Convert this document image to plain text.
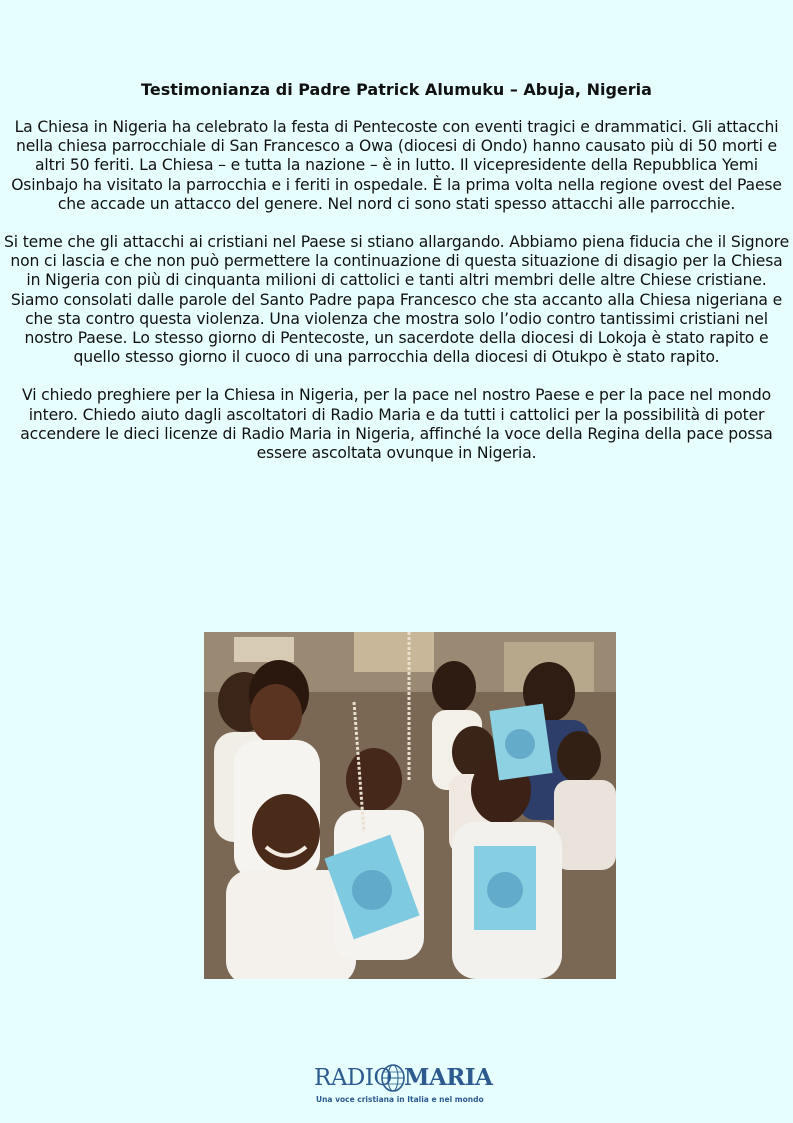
Testimonianza di Padre Patrick Alumuku – Abuja, Nigeria

La Chiesa in Nigeria ha celebrato la festa di Pentecoste con eventi tragici e drammatici. Gli attacchi nella chiesa parrocchiale di San Francesco a Owa (diocesi di Ondo) hanno causato più di 50 morti e altri 50 feriti. La Chiesa – e tutta la nazione – è in lutto. Il vicepresidente della Repubblica Yemi Osinbajo ha visitato la parrocchia e i feriti in ospedale. È la prima volta nella regione ovest del Paese che accade un attacco del genere. Nel nord ci sono stati spesso attacchi alle parrocchie.

Si teme che gli attacchi ai cristiani nel Paese si stiano allargando. Abbiamo piena fiducia che il Signore non ci lascia e che non può permettere la continuazione di questa situazione di disagio per la Chiesa in Nigeria con più di cinquanta milioni di cattolici e tanti altri membri delle altre Chiese cristiane. Siamo consolati dalle parole del Santo Padre papa Francesco che sta accanto alla Chiesa nigeriana e che sta contro questa violenza. Una violenza che mostra solo l’odio contro tantissimi cristiani nel nostro Paese. Lo stesso giorno di Pentecoste, un sacerdote della diocesi di Lokoja è stato rapito e quello stesso giorno il cuoco di una parrocchia della diocesi di Otukpo è stato rapito.

Vi chiedo preghiere per la Chiesa in Nigeria, per la pace nel nostro Paese e per la pace nel mondo intero. Chiedo aiuto dagli ascoltatori di Radio Maria e da tutti i cattolici per la possibilità di poter accendere le dieci licenze di Radio Maria in Nigeria, affinché la voce della Regina della pace possa essere ascoltata ovunque in Nigeria.

RADIO MARIA
Una voce cristiana in Italia e nel mondo
